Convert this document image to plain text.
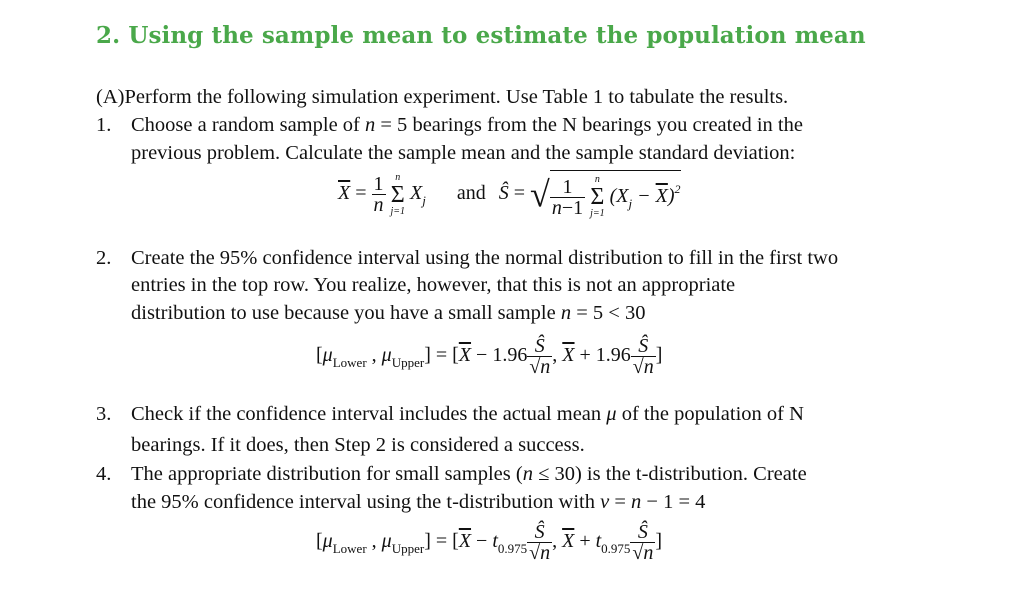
2. Using the sample mean to estimate the population mean
(A)Perform the following simulation experiment. Use Table 1 to tabulate the results.
1. Choose a random sample of n = 5 bearings from the N bearings you created in the
previous problem. Calculate the sample mean and the sample standard deviation:
$\overline{X} = \frac{1}{n}$
n
Σ
j=1
$X_j$ and Ŝ = √ $\frac{1}{n-1}$
n
Σ
j=1
$(X_j - \overline{X})^2$
2. Create the 95% confidence interval using the normal distribution to fill in the first two
entries in the top row. You realize, however, that this is not an appropriate
distribution to use because you have a small sample n = 5 < 30
[$\mu_{Lower}$ , $\mu_{Upper}] = [\overline{X} - 1.96 \frac{Ŝ}{√n}$ , $\overline{X} + 1.96 \frac{Ŝ}{√n}$ ]
3. Check if the confidence interval includes the actual mean μ of the population of N
bearings. If it does, then Step 2 is considered a success.
4. The appropriate distribution for small samples (n ≤ 30) is the t-distribution. Create
the 95% confidence interval using the t-distribution with ν = n − 1 = 4
[$\mu_{Lower}$ , $\mu_{Upper}] = [\overline{X} - t_{0.975} \frac{Ŝ}{√n}$ , $\overline{X} + t_{0.975} \frac{Ŝ}{√n}$ ]
